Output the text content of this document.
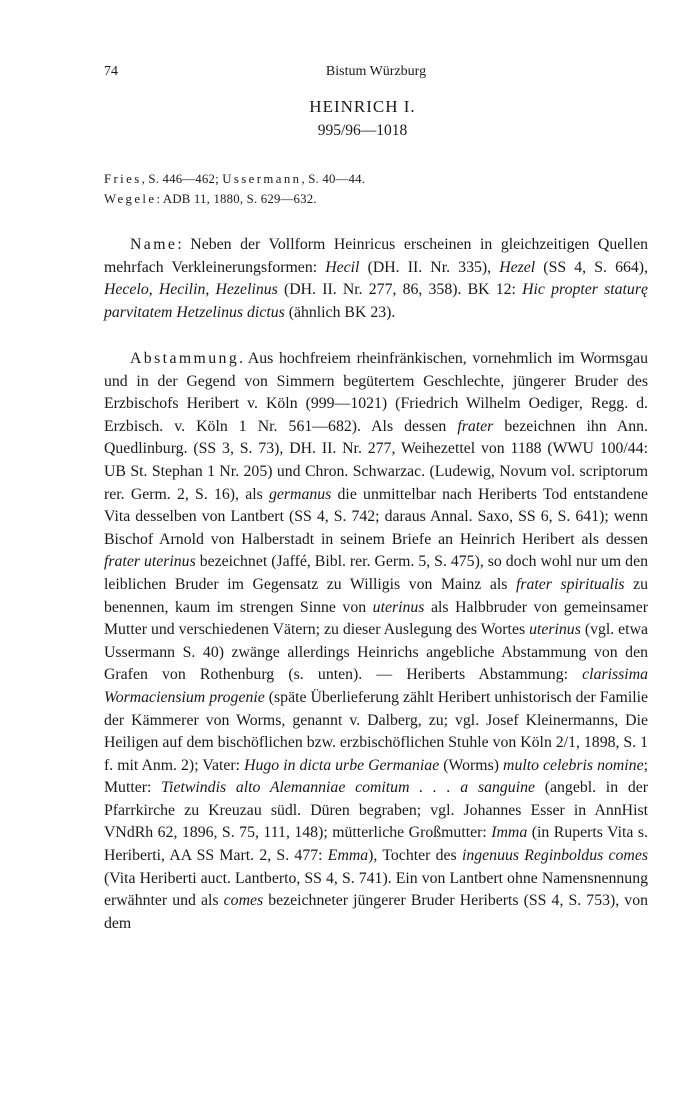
74	Bistum Würzburg
HEINRICH I.
995/96—1018
Fries, S. 446—462; Ussermann, S. 40—44.
Wegele: ADB 11, 1880, S. 629—632.

Name: Neben der Vollform Heinricus erscheinen in gleichzeitigen Quellen mehrfach Verkleinerungsformen: Hecil (DH. II. Nr. 335), Hezel (SS 4, S. 664), Hecelo, Hecilin, Hezelinus (DH. II. Nr. 277, 86, 358). BK 12: Hic propter staturę parvitatem Hetzelinus dictus (ähnlich BK 23).

Abstammung. Aus hochfreiem rheinfränkischen, vornehmlich im Wormsgau und in der Gegend von Simmern begütertem Geschlechte, jüngerer Bruder des Erzbischofs Heribert v. Köln (999—1021) (Friedrich Wilhelm Oediger, Regg. d. Erzbisch. v. Köln 1 Nr. 561—682). Als dessen frater bezeichnen ihn Ann. Quedlinburg. (SS 3, S. 73), DH. II. Nr. 277, Weihezettel von 1188 (WWU 100/44: UB St. Stephan 1 Nr. 205) und Chron. Schwarzac. (Ludewig, Novum vol. scriptorum rer. Germ. 2, S. 16), als germanus die unmittelbar nach Heriberts Tod entstandene Vita desselben von Lantbert (SS 4, S. 742; daraus Annal. Saxo, SS 6, S. 641); wenn Bischof Arnold von Halberstadt in seinem Briefe an Heinrich Heribert als dessen frater uterinus bezeichnet (Jaffé, Bibl. rer. Germ. 5, S. 475), so doch wohl nur um den leiblichen Bruder im Gegensatz zu Willigis von Mainz als frater spiritualis zu benennen, kaum im strengen Sinne von uterinus als Halbbruder von gemeinsamer Mutter und verschiedenen Vätern; zu dieser Auslegung des Wortes uterinus (vgl. etwa Ussermann S. 40) zwänge allerdings Heinrichs angebliche Abstammung von den Grafen von Rothenburg (s. unten). — Heriberts Abstammung: clarissima Wormaciensium progenie (späte Überlieferung zählt Heribert unhistorisch der Familie der Kämmerer von Worms, genannt v. Dalberg, zu; vgl. Josef Kleinermanns, Die Heiligen auf dem bischöflichen bzw. erzbischöflichen Stuhle von Köln 2/1, 1898, S. 1 f. mit Anm. 2); Vater: Hugo in dicta urbe Germaniae (Worms) multo celebris nomine; Mutter: Tietwindis alto Alemanniae comitum . . . a sanguine (angebl. in der Pfarrkirche zu Kreuzau südl. Düren begraben; vgl. Johannes Esser in AnnHist VNdRh 62, 1896, S. 75, 111, 148); mütterliche Großmutter: Imma (in Ruperts Vita s. Heriberti, AA SS Mart. 2, S. 477: Emma), Tochter des ingenuus Reginboldus comes (Vita Heriberti auct. Lantberto, SS 4, S. 741). Ein von Lantbert ohne Namensnennung erwähnter und als comes bezeichneter jüngerer Bruder Heriberts (SS 4, S. 753), von dem
